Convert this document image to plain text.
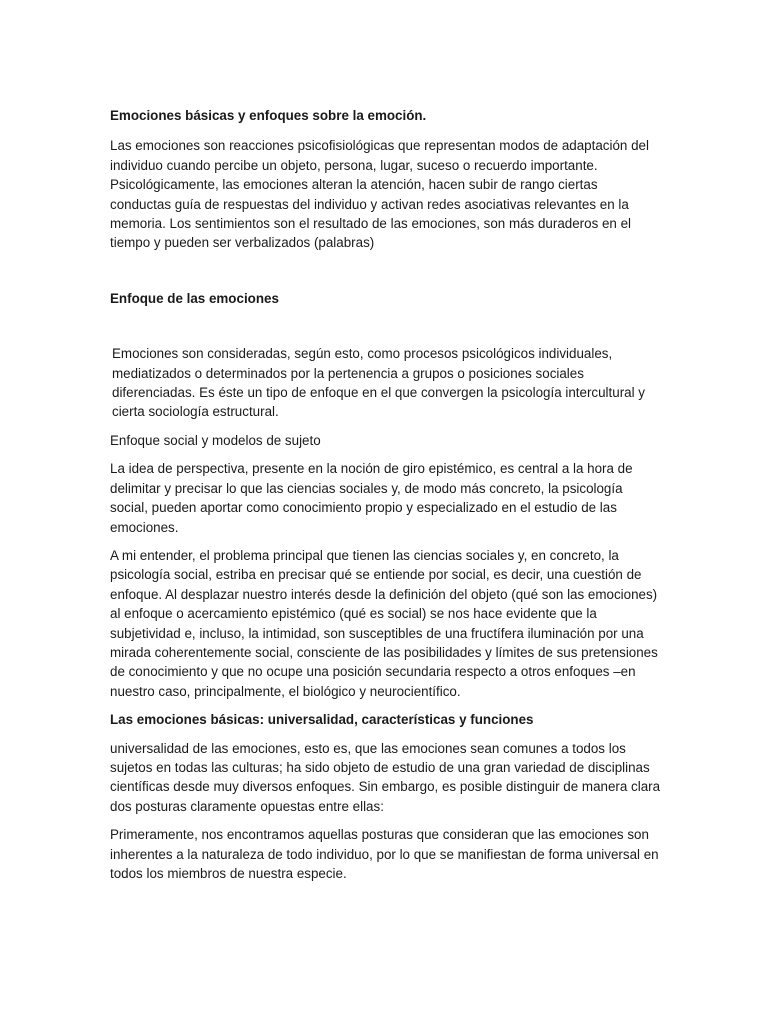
Emociones básicas y enfoques sobre la emoción.

Las emociones son reacciones psicofisiológicas que representan modos de adaptación del individuo cuando percibe un objeto, persona, lugar, suceso o recuerdo importante. Psicológicamente, las emociones alteran la atención, hacen subir de rango ciertas conductas guía de respuestas del individuo y activan redes asociativas relevantes en la memoria. Los sentimientos son el resultado de las emociones, son más duraderos en el tiempo y pueden ser verbalizados (palabras)

Enfoque de las emociones

Emociones son consideradas, según esto, como procesos psicológicos individuales, mediatizados o determinados por la pertenencia a grupos o posiciones sociales diferenciadas. Es éste un tipo de enfoque en el que convergen la psicología intercultural y cierta sociología estructural.

Enfoque social y modelos de sujeto

La idea de perspectiva, presente en la noción de giro epistémico, es central a la hora de delimitar y precisar lo que las ciencias sociales y, de modo más concreto, la psicología social, pueden aportar como conocimiento propio y especializado en el estudio de las emociones.

A mi entender, el problema principal que tienen las ciencias sociales y, en concreto, la psicología social, estriba en precisar qué se entiende por social, es decir, una cuestión de enfoque. Al desplazar nuestro interés desde la definición del objeto (qué son las emociones) al enfoque o acercamiento epistémico (qué es social) se nos hace evidente que la subjetividad e, incluso, la intimidad, son susceptibles de una fructífera iluminación por una mirada coherentemente social, consciente de las posibilidades y límites de sus pretensiones de conocimiento y que no ocupe una posición secundaria respecto a otros enfoques –en nuestro caso, principalmente, el biológico y neurocientífico.

Las emociones básicas: universalidad, características y funciones

universalidad de las emociones, esto es, que las emociones sean comunes a todos los sujetos en todas las culturas; ha sido objeto de estudio de una gran variedad de disciplinas científicas desde muy diversos enfoques. Sin embargo, es posible distinguir de manera clara dos posturas claramente opuestas entre ellas:

Primeramente, nos encontramos aquellas posturas que consideran que las emociones son inherentes a la naturaleza de todo individuo, por lo que se manifiestan de forma universal en todos los miembros de nuestra especie.
